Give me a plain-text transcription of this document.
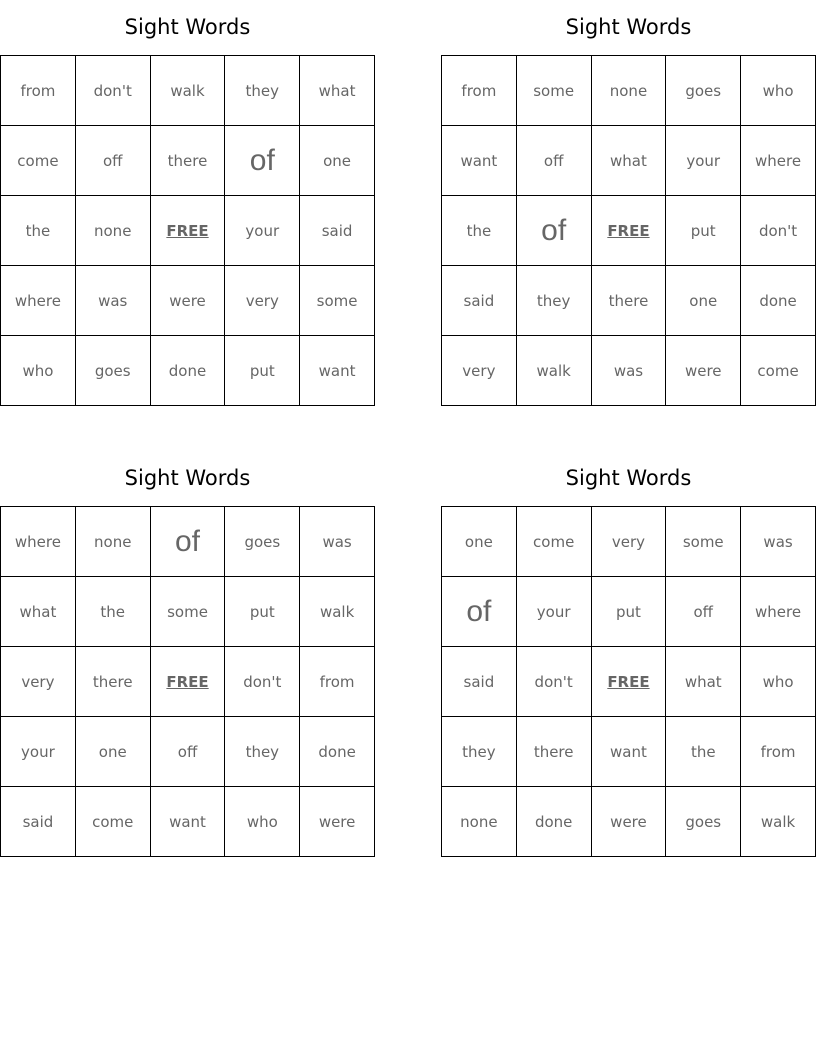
Sight Words
from	don't	walk	they	what
come	off	there	of	one
the	none	FREE	your	said
where	was	were	very	some
who	goes	done	put	want
Sight Words
from	some	none	goes	who
want	off	what	your	where
the	of	FREE	put	don't
said	they	there	one	done
very	walk	was	were	come
Sight Words
where	none	of	goes	was
what	the	some	put	walk
very	there	FREE	don't	from
your	one	off	they	done
said	come	want	who	were
Sight Words
one	come	very	some	was
of	your	put	off	where
said	don't	FREE	what	who
they	there	want	the	from
none	done	were	goes	walk
